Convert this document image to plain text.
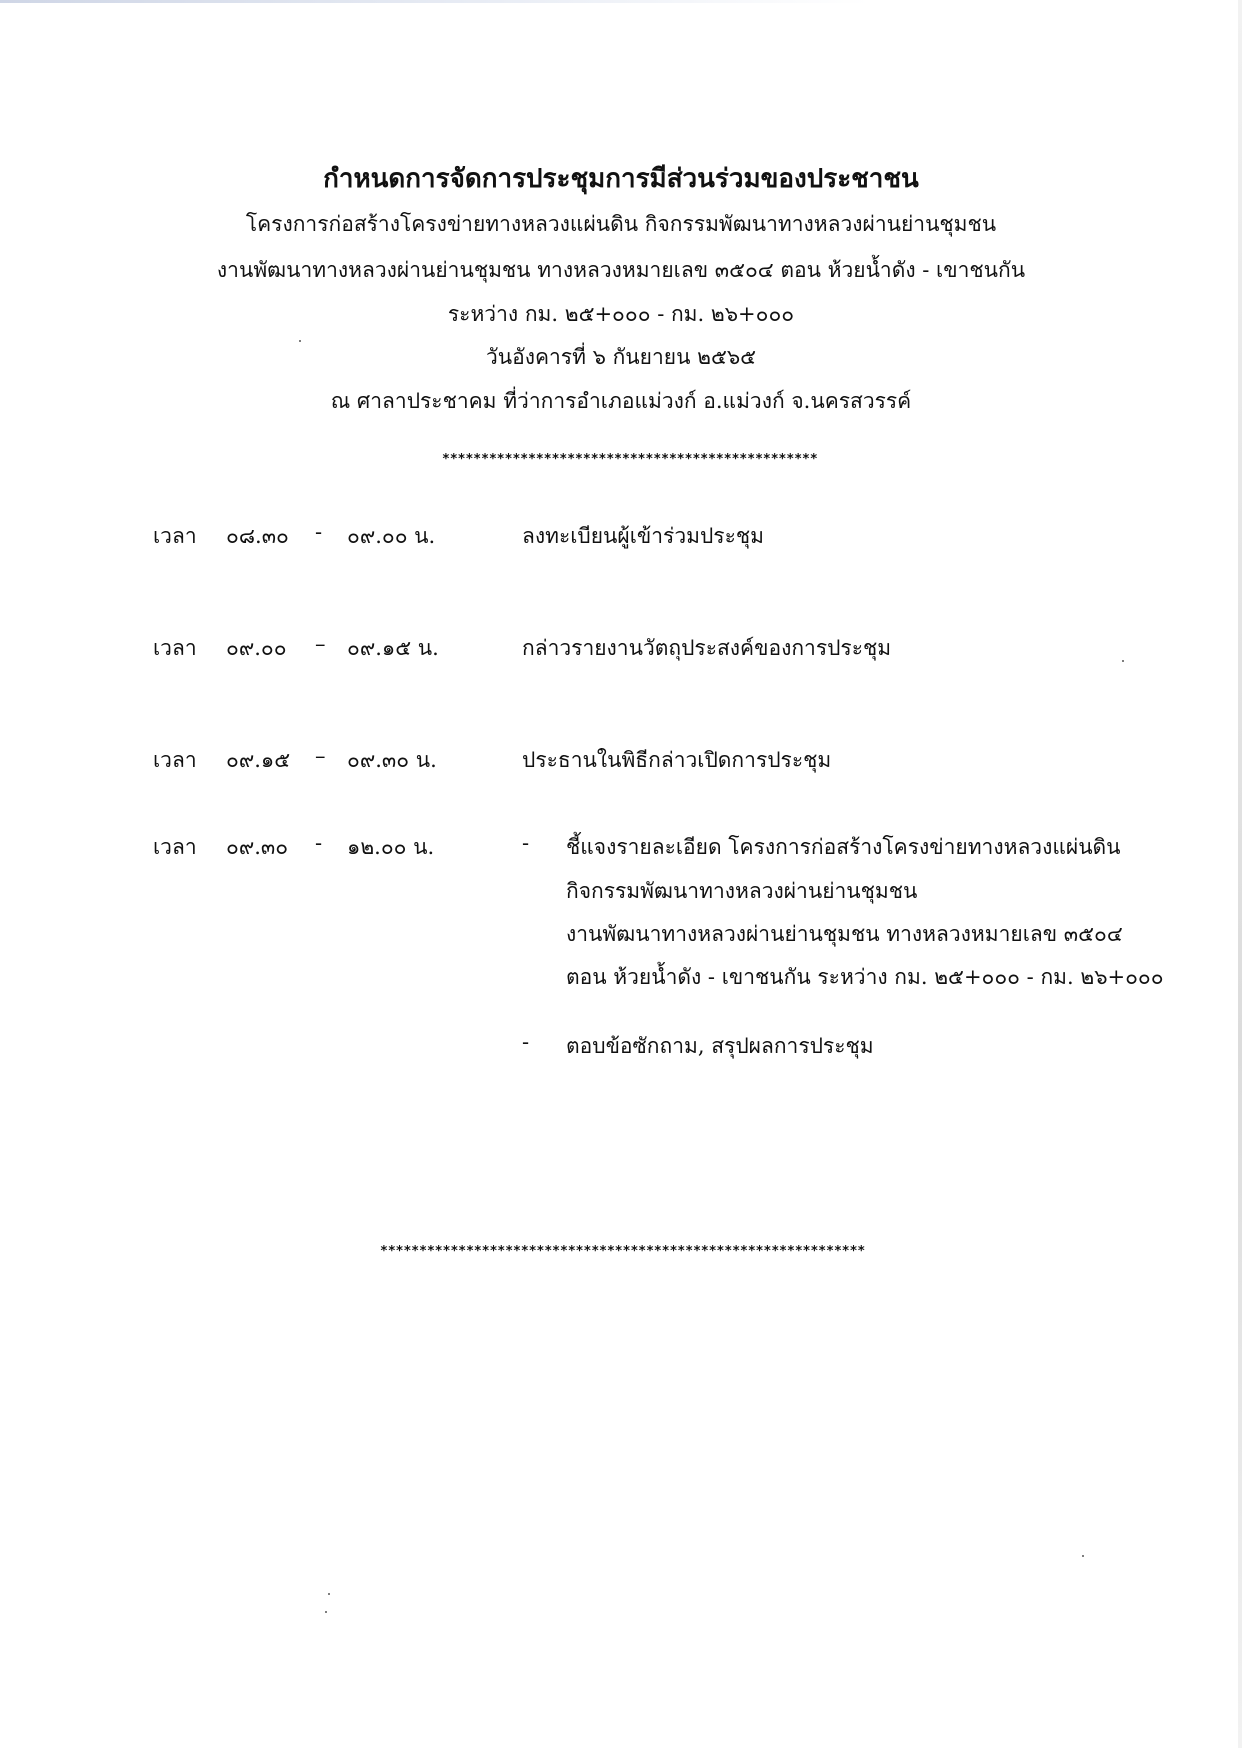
กำหนดการจัดการประชุมการมีส่วนร่วมของประชาชน
โครงการก่อสร้างโครงข่ายทางหลวงแผ่นดิน กิจกรรมพัฒนาทางหลวงผ่านย่านชุมชน
งานพัฒนาทางหลวงผ่านย่านชุมชน ทางหลวงหมายเลข ๓๕๐๔ ตอน ห้วยน้ำดัง - เขาชนกัน
ระหว่าง กม. ๒๕+๐๐๐ - กม. ๒๖+๐๐๐
วันอังคารที่ ๖ กันยายน ๒๕๖๕
ณ ศาลาประชาคม ที่ว่าการอำเภอแม่วงก์ อ.แม่วงก์ จ.นครสวรรค์
************************************************
เวลา ๐๘.๓๐ - ๐๙.๐๐ น.	ลงทะเบียนผู้เข้าร่วมประชุม
เวลา ๐๙.๐๐ – ๐๙.๑๕ น.	กล่าวรายงานวัตถุประสงค์ของการประชุม
เวลา ๐๙.๑๕ – ๐๙.๓๐ น.	ประธานในพิธีกล่าวเปิดการประชุม
เวลา ๐๙.๓๐ - ๑๒.๐๐ น.	- ชี้แจงรายละเอียด โครงการก่อสร้างโครงข่ายทางหลวงแผ่นดิน
กิจกรรมพัฒนาทางหลวงผ่านย่านชุมชน
งานพัฒนาทางหลวงผ่านย่านชุมชน ทางหลวงหมายเลข ๓๕๐๔
ตอน ห้วยน้ำดัง - เขาชนกัน ระหว่าง กม. ๒๕+๐๐๐ - กม. ๒๖+๐๐๐
- ตอบข้อซักถาม, สรุปผลการประชุม
**************************************************************
